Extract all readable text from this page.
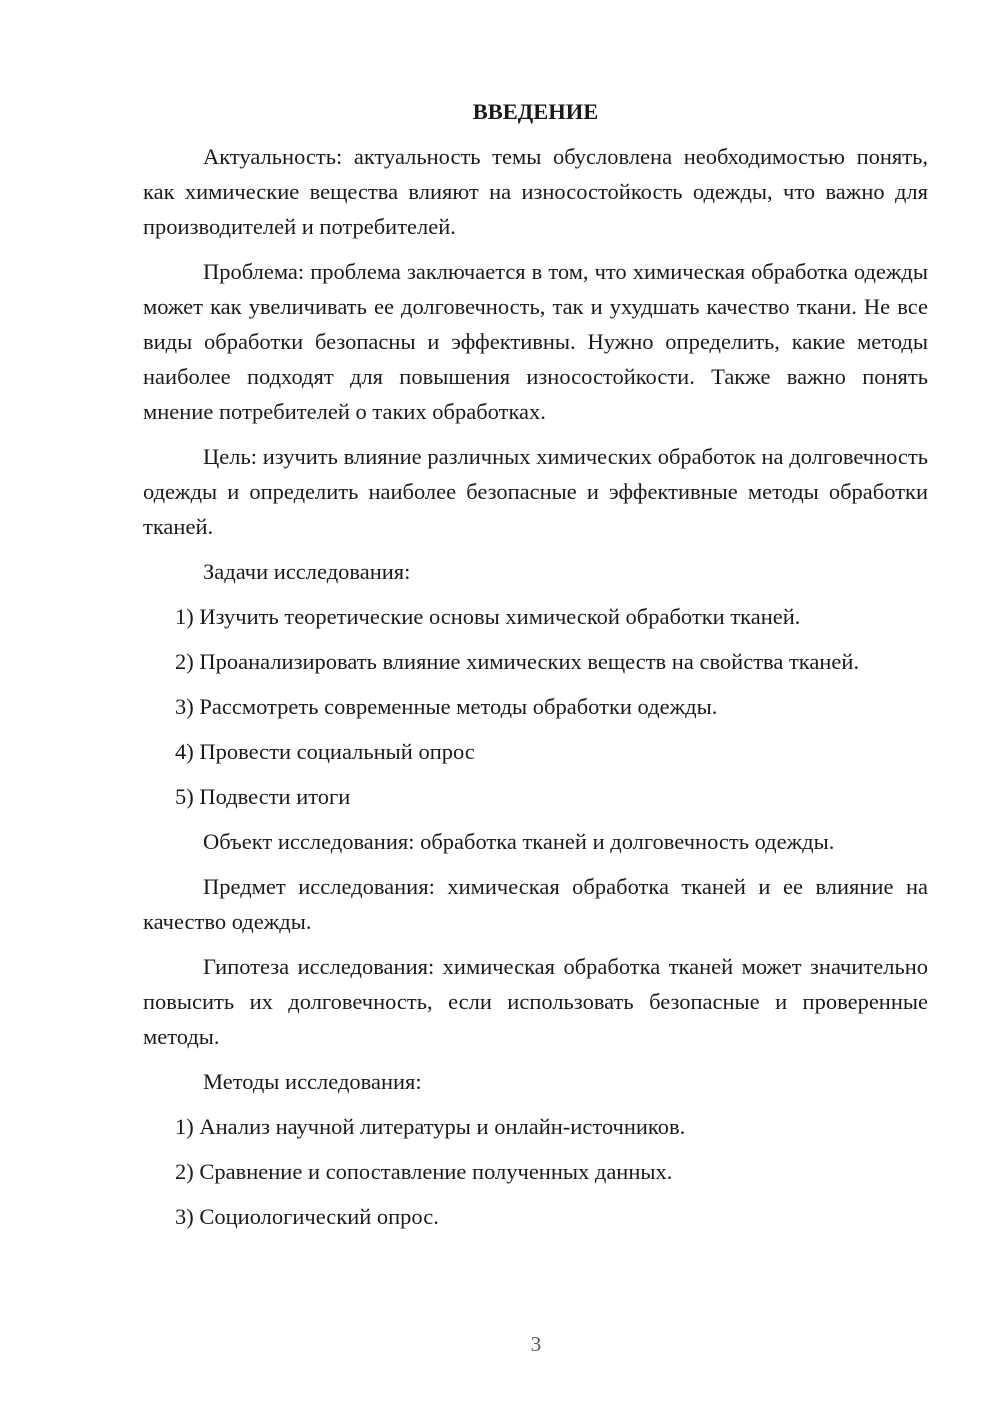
ВВЕДЕНИЕ

Актуальность: актуальность темы обусловлена необходимостью понять, как химические вещества влияют на износостойкость одежды, что важно для производителей и потребителей.

Проблема: проблема заключается в том, что химическая обработка одежды может как увеличивать ее долговечность, так и ухудшать качество ткани. Не все виды обработки безопасны и эффективны. Нужно определить, какие методы наиболее подходят для повышения износостойкости. Также важно понять мнение потребителей о таких обработках.

Цель: изучить влияние различных химических обработок на долговечность одежды и определить наиболее безопасные и эффективные методы обработки тканей.

Задачи исследования:
1) Изучить теоретические основы химической обработки тканей.
2) Проанализировать влияние химических веществ на свойства тканей.
3) Рассмотреть современные методы обработки одежды.
4) Провести социальный опрос
5) Подвести итоги

Объект исследования: обработка тканей и долговечность одежды.

Предмет исследования: химическая обработка тканей и ее влияние на качество одежды.

Гипотеза исследования: химическая обработка тканей может значительно повысить их долговечность, если использовать безопасные и проверенные методы.

Методы исследования:
1) Анализ научной литературы и онлайн-источников.
2) Сравнение и сопоставление полученных данных.
3) Социологический опрос.
3
